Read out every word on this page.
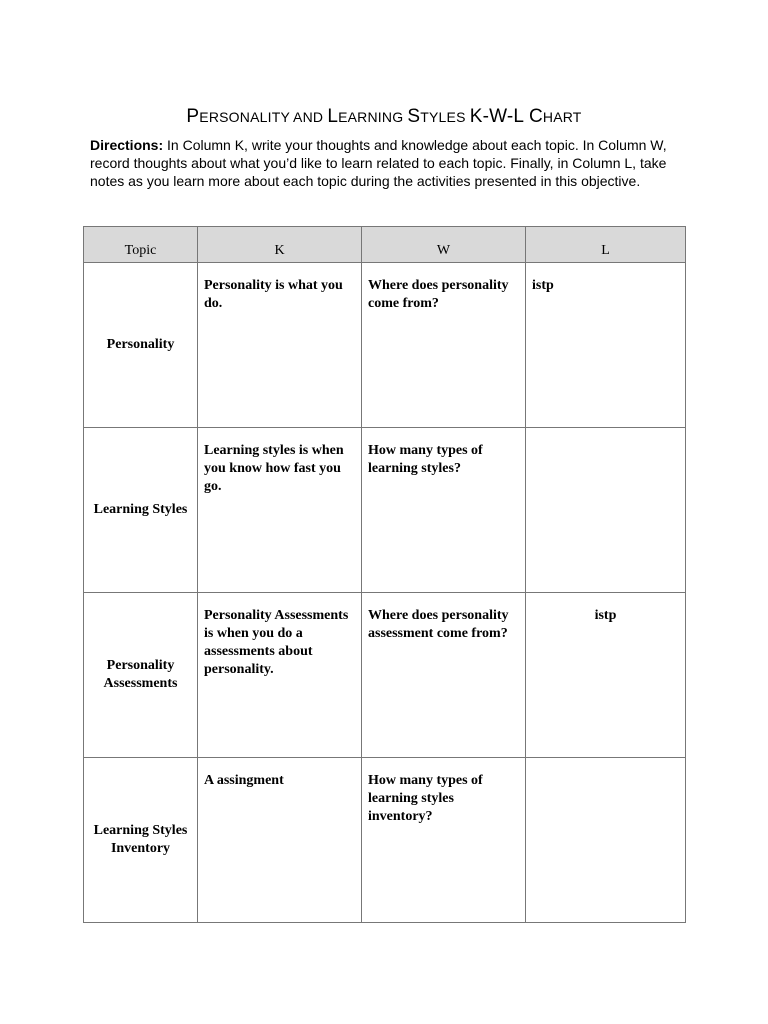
PERSONALITY AND LEARNING STYLES K-W-L CHART

Directions: In Column K, write your thoughts and knowledge about each topic. In Column W, record thoughts about what you’d like to learn related to each topic. Finally, in Column L, take notes as you learn more about each topic during the activities presented in this objective.

Topic	K	W	L
Personality	Personality is what you do.	Where does personality come from?	istp
Learning Styles	Learning styles is when you know how fast you go.	How many types of learning styles?	
Personality Assessments	Personality Assessments is when you do a assessments about personality.	Where does personality assessment come from?	istp
Learning Styles Inventory	A assingment	How many types of learning styles inventory?	
